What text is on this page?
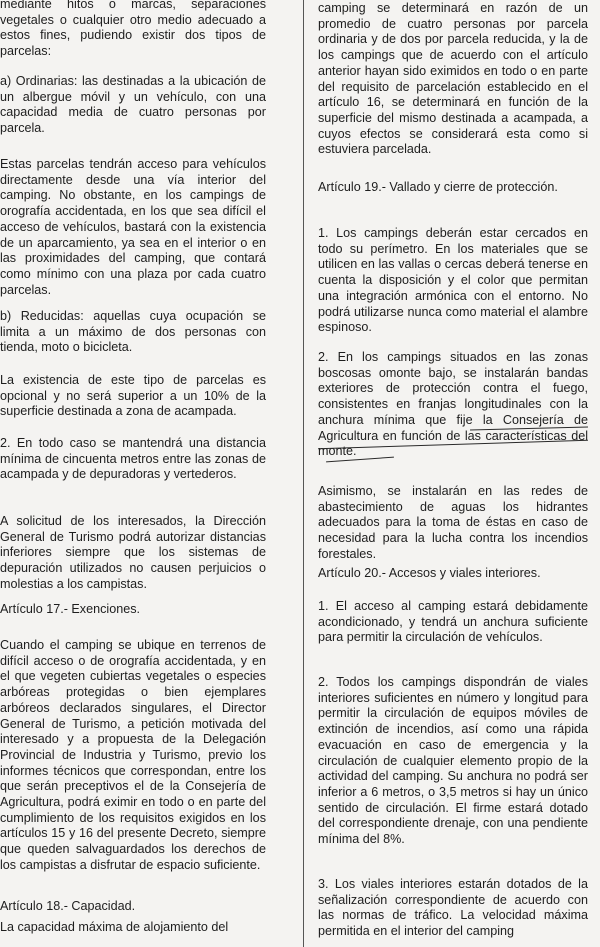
mediante hitos o marcas, separaciones vegetales o cualquier otro medio adecuado a estos fines, pudiendo existir dos tipos de parcelas:

a) Ordinarias: las destinadas a la ubicación de un albergue móvil y un vehículo, con una capacidad media de cuatro personas por parcela.

Estas parcelas tendrán acceso para vehículos directamente desde una vía interior del camping. No obstante, en los campings de orografía accidentada, en los que sea difícil el acceso de vehículos, bastará con la existencia de un aparcamiento, ya sea en el interior o en las proximidades del camping, que contará como mínimo con una plaza por cada cuatro parcelas.

b) Reducidas: aquellas cuya ocupación se limita a un máximo de dos personas con tienda, moto o bicicleta.

La existencia de este tipo de parcelas es opcional y no será superior a un 10% de la superficie destinada a zona de acampada.

2. En todo caso se mantendrá una distancia mínima de cincuenta metros entre las zonas de acampada y de depuradoras y vertederos.

A solicitud de los interesados, la Dirección General de Turismo podrá autorizar distancias inferiores siempre que los sistemas de depuración utilizados no causen perjuicios o molestias a los campistas.

Artículo 17.- Exenciones.

Cuando el camping se ubique en terrenos de difícil acceso o de orografía accidentada, y en el que vegeten cubiertas vegetales o especies arbóreas protegidas o bien ejemplares arbóreos declarados singulares, el Director General de Turismo, a petición motivada del interesado y a propuesta de la Delegación Provincial de Industria y Turismo, previo los informes técnicos que correspondan, entre los que serán preceptivos el de la Consejería de Agricultura, podrá eximir en todo o en parte del cumplimiento de los requisitos exigidos en los artículos 15 y 16 del presente Decreto, siempre que queden salvaguardados los derechos de los campistas a disfrutar de espacio suficiente.

Artículo 18.- Capacidad.

La capacidad máxima de alojamiento del

camping se determinará en razón de un promedio de cuatro personas por parcela ordinaria y de dos por parcela reducida, y la de los campings que de acuerdo con el artículo anterior hayan sido eximidos en todo o en parte del requisito de parcelación establecido en el artículo 16, se determinará en función de la superficie del mismo destinada a acampada, a cuyos efectos se considerará esta como si estuviera parcelada.

Artículo 19.- Vallado y cierre de protección.

1. Los campings deberán estar cercados en todo su perímetro. En los materiales que se utilicen en las vallas o cercas deberá tenerse en cuenta la disposición y el color que permitan una integración armónica con el entorno. No podrá utilizarse nunca como material el alambre espinoso.

2. En los campings situados en las zonas boscosas omonte bajo, se instalarán bandas exteriores de protección contra el fuego, consistentes en franjas longitudinales con la anchura mínima que fije la Consejería de Agricultura en función de las características del monte.

Asimismo, se instalarán en las redes de abastecimiento de aguas los hidrantes adecuados para la toma de éstas en caso de necesidad para la lucha contra los incendios forestales.

Artículo 20.- Accesos y viales interiores.

1. El acceso al camping estará debidamente acondicionado, y tendrá un anchura suficiente para permitir la circulación de vehículos.

2. Todos los campings dispondrán de viales interiores suficientes en número y longitud para permitir la circulación de equipos móviles de extinción de incendios, así como una rápida evacuación en caso de emergencia y la circulación de cualquier elemento propio de la actividad del camping. Su anchura no podrá ser inferior a 6 metros, o 3,5 metros si hay un único sentido de circulación. El firme estará dotado del correspondiente drenaje, con una pendiente mínima del 8%.

3. Los viales interiores estarán dotados de la señalización correspondiente de acuerdo con las normas de tráfico. La velocidad máxima permitida en el interior del camping
